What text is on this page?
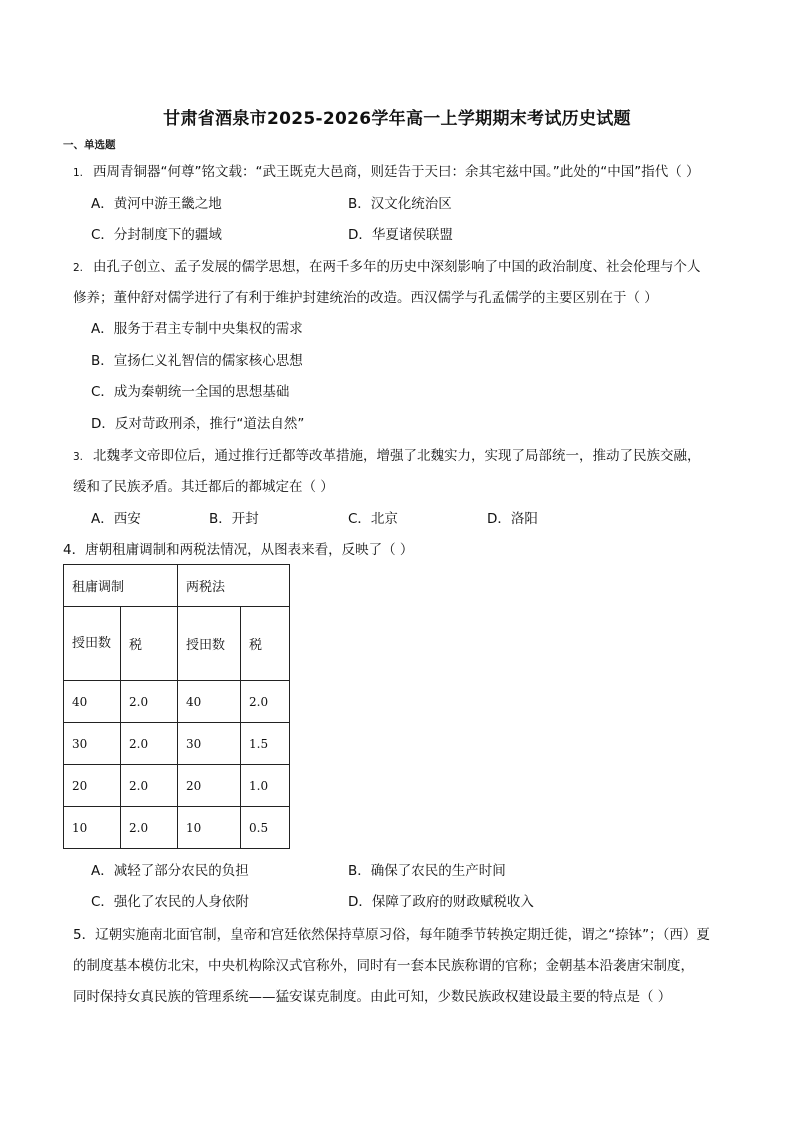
甘肃省酒泉市2025-2026学年高一上学期期末考试历史试题
一、单选题
1. 西周青铜器“何尊”铭文载：“武王既克大邑商，则廷告于天曰：余其宅兹中国。”此处的“中国”指代（ ）
A．黄河中游王畿之地	B．汉文化统治区
C．分封制度下的疆域	D．华夏诸侯联盟
2. 由孔子创立、孟子发展的儒学思想，在两千多年的历史中深刻影响了中国的政治制度、社会伦理与个人
修养；董仲舒对儒学进行了有利于维护封建统治的改造。西汉儒学与孔孟儒学的主要区别在于（ ）
A．服务于君主专制中央集权的需求
B．宣扬仁义礼智信的儒家核心思想
C．成为秦朝统一全国的思想基础
D．反对苛政刑杀，推行“道法自然”
3. 北魏孝文帝即位后，通过推行迁都等改革措施，增强了北魏实力，实现了局部统一，推动了民族交融，
缓和了民族矛盾。其迁都后的都城定在（ ）
A．西安	B．开封	C．北京	D．洛阳
4．唐朝租庸调制和两税法情况，从图表来看，反映了（ ）
租庸调制		两税法	
授田数	税	授田数	税
40	2.0	40	2.0
30	2.0	30	1.5
20	2.0	20	1.0
10	2.0	10	0.5
A．减轻了部分农民的负担	B．确保了农民的生产时间
C．强化了农民的人身依附	D．保障了政府的财政赋税收入
5．辽朝实施南北面官制，皇帝和宫廷依然保持草原习俗，每年随季节转换定期迁徙，谓之“捺钵”；（西）夏
的制度基本模仿北宋，中央机构除汉式官称外，同时有一套本民族称谓的官称；金朝基本沿袭唐宋制度，
同时保持女真民族的管理系统——猛安谋克制度。由此可知，少数民族政权建设最主要的特点是（ ）
